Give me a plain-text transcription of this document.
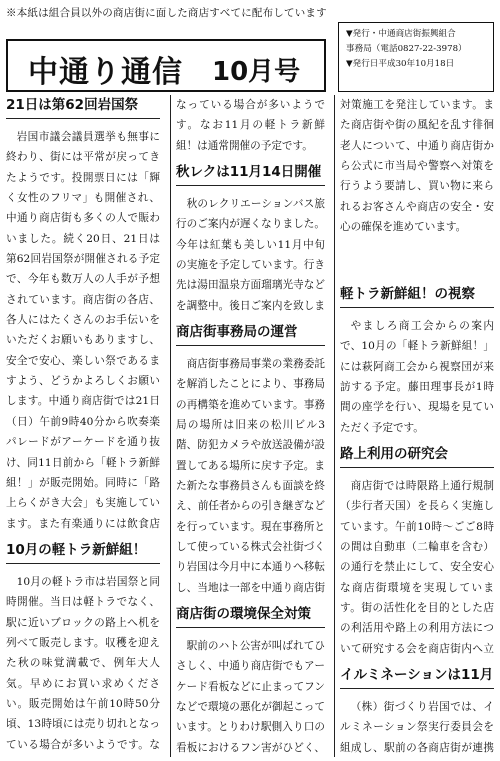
※本紙は組合員以外の商店街に面した商店すべてに配布しています
中通り通信 10月号
▼発行・中通商店街振興組合
事務局（電話0827-22-3978）
▼発行日平成30年10月18日
21日は第62回岩国祭
岩国市議会議員選挙も無事に終わり、街には平常が戻ってきたようです。投開票日には「輝く女性のフリマ」も開催され、中通り商店街も多くの人で賑わいました。続く20日、21日は第62回岩国祭が開催される予定で、今年も数万人の人手が予想されています。商店街の各店、各人にはたくさんのお手伝いをいただくお願いもありますし、安全で安心、楽しい祭であるますよう、どうかよろしくお願いします。中通り商店街では21日（日）午前9時40分から吹奏楽パレードがアーケードを通り抜け、同11日前から「軽トラ新鮮組！」が販売開始。同時に「路上らくがき大会」も実施しています。また有楽通りには飲食店
10月の軽トラ新鮮組！
10月の軽トラ市は岩国祭と同時開催。当日は軽トラでなく、駅に近いブロックの路上へ机を列べて販売します。収穫を迎えた秋の味覚満載で、例年大人気。早めにお買い求めください。販売開始は午前10時50分頃、13時頃には売り切れとなっている場合が多いようです。な
なっている場合が多いようです。なお11月の軽トラ新鮮組！は通常開催の予定です。
秋レクは11月14日開催
秋のレクリエーションバス旅行のご案内が遅くなりました。今年は紅葉も美しい11月中旬の実施を予定しています。行き先は湯田温泉方面瑠璃光寺などを調整中。後日ご案内を致しま
商店街事務局の運営
商店街事務局事業の業務委託を解消したことにより、事務局の再構築を進めています。事務局の場所は旧来の松川ビル3階、防犯カメラや放送設備が設置してある場所に戻す予定。また新たな事務員さんも面談を終え、前任者からの引き継ぎなどを行っています。現在事務所として使っている株式会社街づくり岩国は今月中に本通りへ移転し、当地は一部を中通り商店街
商店街の環境保全対策
駅前のハト公害が叫ばれてひさしく、中通り商店街でもアーケード看板などに止まってフンなどで環境の悪化が御起こっています。とりわけ駅側入り口の看板におけるフン害がひどく、
対策施工を発注しています。また商店街や街の風紀を乱す徘徊老人について、中通り商店街から公式に市当局や警察へ対策を行うよう要請し、買い物に来られるお客さんや商店の安全・安心の確保を進めています。
軽トラ新鮮組！の視察
やましろ商工会からの案内で、10月の「軽トラ新鮮組！」には萩阿商工会から視察団が来訪する予定。藤田理事長が1時間の座学を行い、現場を見ていただく予定です。
路上利用の研究会
商店街では時限路上通行規制（歩行者天国）を長らく実施しています。午前10時〜ごご8時の間は自動車（二輪車を含む）の通行を禁止にして、安全安心な商店街環境を実現しています。街の活性化を目的とした店の利活用や路上の利用方法について研究する会を商店街内へ立
イルミネーションは11月
（株）街づくり岩国では、イルミネーション祭実行委員会を組成し、駅前の各商店街が連携
